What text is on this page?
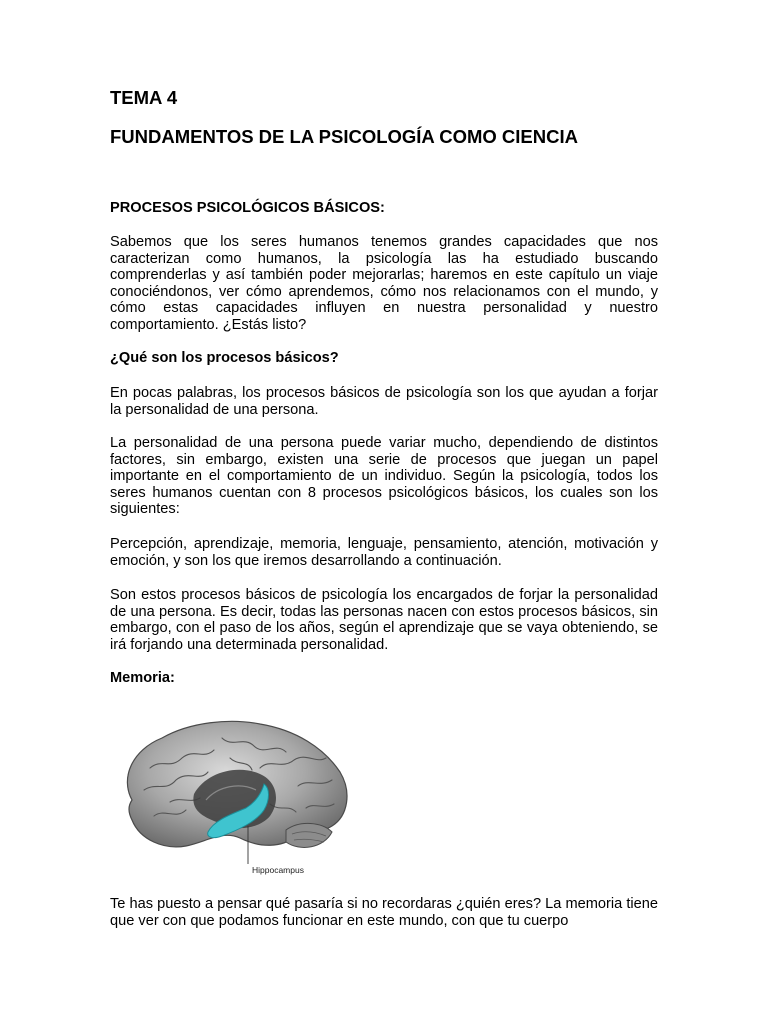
TEMA 4
FUNDAMENTOS DE LA PSICOLOGÍA COMO CIENCIA
PROCESOS PSICOLÓGICOS BÁSICOS:

Sabemos que los seres humanos tenemos grandes capacidades que nos caracterizan como humanos, la psicología las ha estudiado buscando comprenderlas y así también poder mejorarlas; haremos en este capítulo un viaje conociéndonos, ver cómo aprendemos, cómo nos relacionamos con el mundo, y cómo estas capacidades influyen en nuestra personalidad y nuestro comportamiento. ¿Estás listo?

¿Qué son los procesos básicos?

En pocas palabras, los procesos básicos de psicología son los que ayudan a forjar la personalidad de una persona.

La personalidad de una persona puede variar mucho, dependiendo de distintos factores, sin embargo, existen una serie de procesos que juegan un papel importante en el comportamiento de un individuo. Según la psicología, todos los seres humanos cuentan con 8 procesos psicológicos básicos, los cuales son los siguientes:

Percepción, aprendizaje, memoria, lenguaje, pensamiento, atención, motivación y emoción, y son los que iremos desarrollando a continuación.

Son estos procesos básicos de psicología los encargados de forjar la personalidad de una persona. Es decir, todas las personas nacen con estos procesos básicos, sin embargo, con el paso de los años, según el aprendizaje que se vaya obteniendo, se irá forjando una determinada personalidad.

Memoria:
Hippocampus

Te has puesto a pensar qué pasaría si no recordaras ¿quién eres? La memoria tiene que ver con que podamos funcionar en este mundo, con que tu cuerpo
